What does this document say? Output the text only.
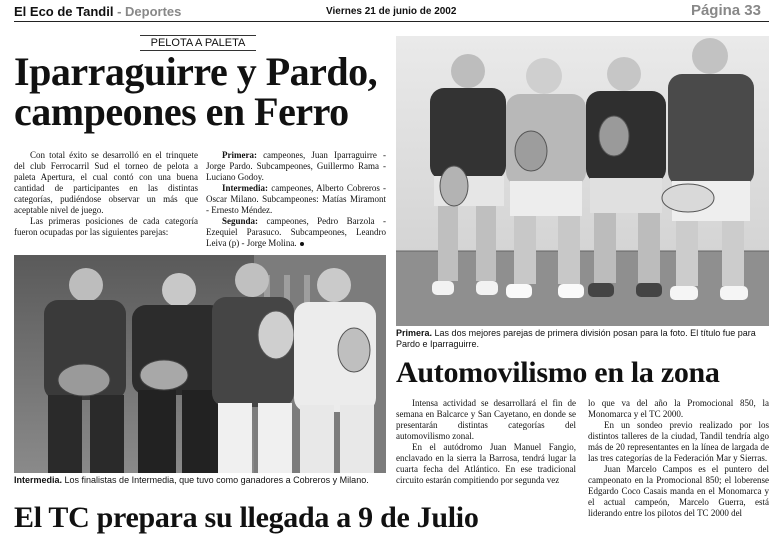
El Eco de Tandil - Deportes	Viernes 21 de junio de 2002	Página 33
PELOTA A PALETA
Iparraguirre y Pardo,
campeones en Ferro

Con total éxito se desarrolló en el trinquete del club Ferrocarril Sud el torneo de pelota a paleta Apertura, el cual contó con una buena cantidad de participantes en las distintas categorías, pudiéndose observar un más que aceptable nivel de juego.

Las primeras posiciones de cada categoría fueron ocupadas por las siguientes parejas:

Primera: campeones, Juan Iparraguirre - Jorge Pardo. Subcampeones, Guillermo Rama - Luciano Godoy.

Intermedia: campeones, Alberto Cobreros - Oscar Milano. Subcampeones: Matías Miramont - Ernesto Méndez.

Segunda: campeones, Pedro Barzola - Ezequiel Parasuco. Subcampeones, Leandro Leiva (p) - Jorge Molina.

Intermedia. Los finalistas de Intermedia, que tuvo como ganadores a Cobreros y Milano.
Primera. Las dos mejores parejas de primera división posan para la foto. El título fue para Pardo e Iparraguirre.
Automovilismo en la zona

Intensa actividad se desarrollará el fin de semana en Balcarce y San Cayetano, en donde se presentarán distintas categorías del automovilismo zonal.

En el autódromo Juan Manuel Fangio, enclavado en la sierra la Barrosa, tendrá lugar la cuarta fecha del Atlántico. En ese tradicional circuito estarán compitiendo por segunda vez

lo que va del año la Promocional 850, la Monomarca y el TC 2000.

En un sondeo previo realizado por los distintos talleres de la ciudad, Tandil tendría algo más de 20 representantes en la línea de largada de las tres categorías de la Federación Mar y Sierras.

Juan Marcelo Campos es el puntero del campeonato en la Promocional 850; el loberense Edgardo Coco Casais manda en el Monomarca y el actual campeón, Marcelo Guerra, está liderando entre los pilotos del TC 2000 del

El TC prepara su llegada a 9 de Julio
